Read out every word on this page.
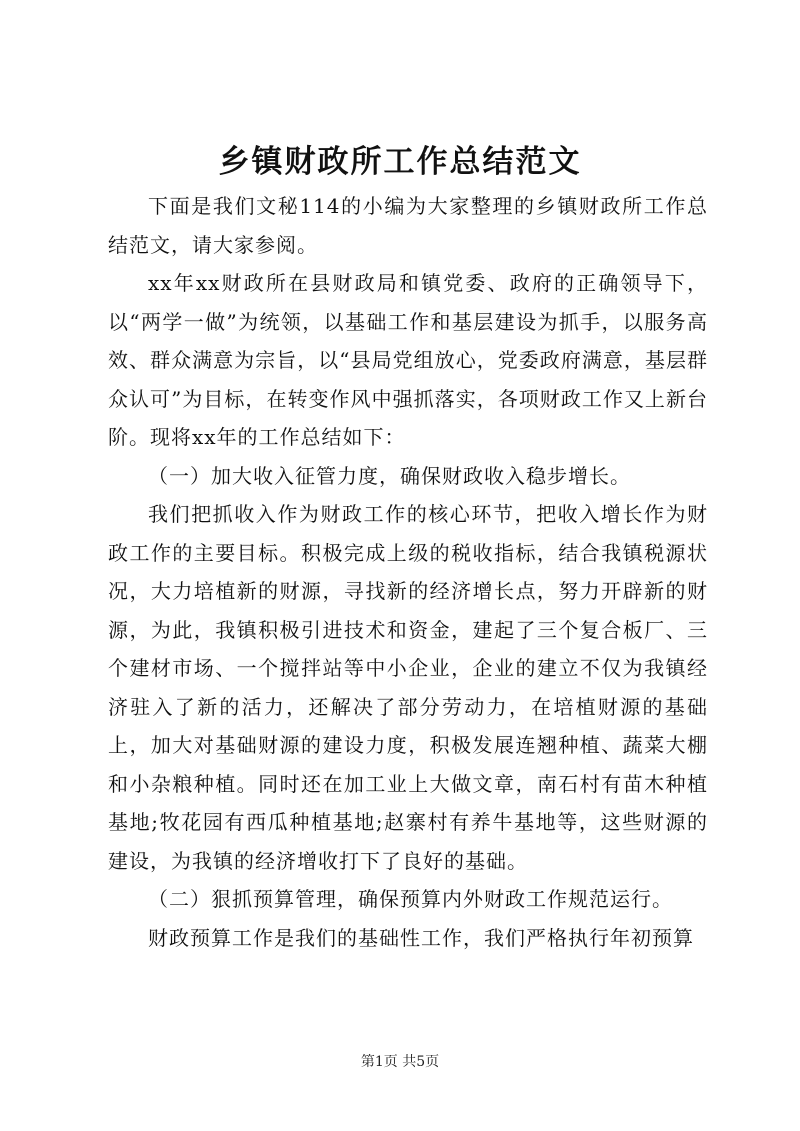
乡镇财政所工作总结范文

下面是我们文秘114的小编为大家整理的乡镇财政所工作总结范文，请大家参阅。

xx年xx财政所在县财政局和镇党委、政府的正确领导下，以“两学一做”为统领，以基础工作和基层建设为抓手，以服务高效、群众满意为宗旨，以“县局党组放心，党委政府满意，基层群众认可”为目标，在转变作风中强抓落实，各项财政工作又上新台阶。现将xx年的工作总结如下：

（一）加大收入征管力度，确保财政收入稳步增长。

我们把抓收入作为财政工作的核心环节，把收入增长作为财政工作的主要目标。积极完成上级的税收指标，结合我镇税源状况，大力培植新的财源，寻找新的经济增长点，努力开辟新的财源，为此，我镇积极引进技术和资金，建起了三个复合板厂、三个建材市场、一个搅拌站等中小企业，企业的建立不仅为我镇经济驻入了新的活力，还解决了部分劳动力，在培植财源的基础上，加大对基础财源的建设力度，积极发展连翘种植、蔬菜大棚和小杂粮种植。同时还在加工业上大做文章，南石村有苗木种植基地;牧花园有西瓜种植基地;赵寨村有养牛基地等，这些财源的建设，为我镇的经济增收打下了良好的基础。

（二）狠抓预算管理，确保预算内外财政工作规范运行。

财政预算工作是我们的基础性工作，我们严格执行年初预算

第1页 共5页
